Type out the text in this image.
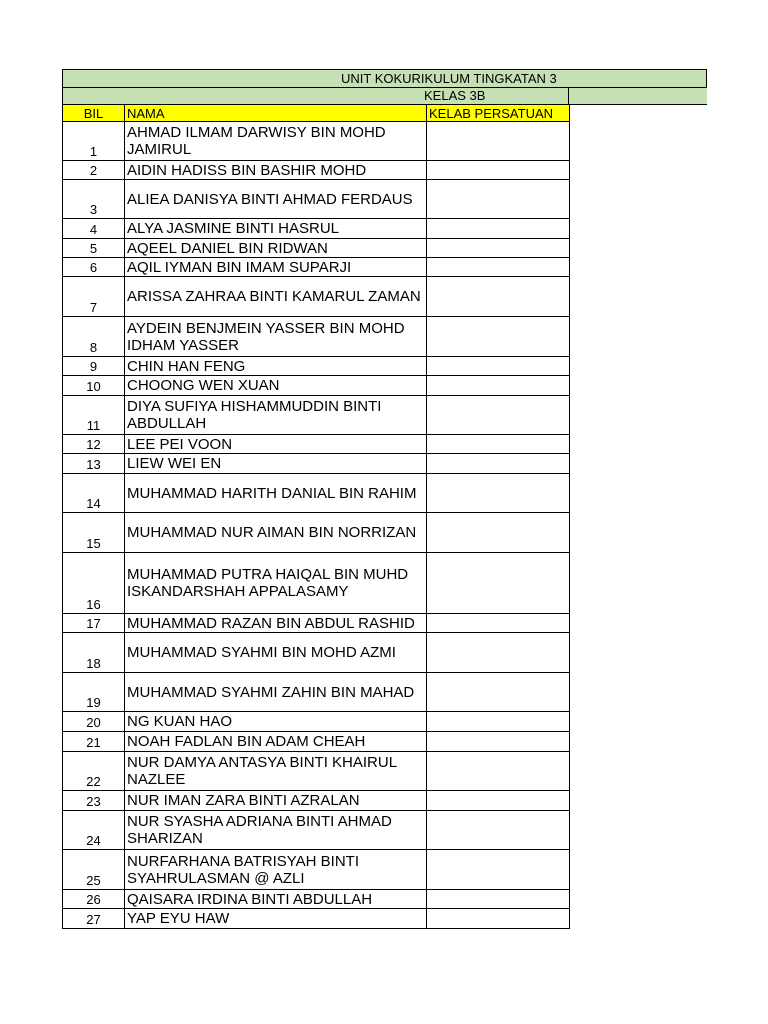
UNIT KOKURIKULUM TINGKATAN 3
KELAS 3B
BIL	NAMA	KELAB PERSATUAN
1	AHMAD ILMAM DARWISY BIN MOHD JAMIRUL	
2	AIDIN HADISS BIN BASHIR MOHD	
3	ALIEA DANISYA BINTI AHMAD FERDAUS	
4	ALYA JASMINE BINTI HASRUL	
5	AQEEL DANIEL BIN RIDWAN	
6	AQIL IYMAN BIN IMAM SUPARJI	
7	ARISSA ZAHRAA BINTI KAMARUL ZAMAN	
8	AYDEIN BENJMEIN YASSER BIN MOHD IDHAM YASSER	
9	CHIN HAN FENG	
10	CHOONG WEN XUAN	
11	DIYA SUFIYA HISHAMMUDDIN BINTI ABDULLAH	
12	LEE PEI VOON	
13	LIEW WEI EN	
14	MUHAMMAD HARITH DANIAL BIN RAHIM	
15	MUHAMMAD NUR AIMAN BIN NORRIZAN	
16	MUHAMMAD PUTRA HAIQAL BIN MUHD ISKANDARSHAH APPALASAMY	
17	MUHAMMAD RAZAN BIN ABDUL RASHID	
18	MUHAMMAD SYAHMI BIN MOHD AZMI	
19	MUHAMMAD SYAHMI ZAHIN BIN MAHAD	
20	NG KUAN HAO	
21	NOAH FADLAN BIN ADAM CHEAH	
22	NUR DAMYA ANTASYA BINTI KHAIRUL NAZLEE	
23	NUR IMAN ZARA BINTI AZRALAN	
24	NUR SYASHA ADRIANA BINTI AHMAD SHARIZAN	
25	NURFARHANA BATRISYAH BINTI SYAHRULASMAN @ AZLI	
26	QAISARA IRDINA BINTI ABDULLAH	
27	YAP EYU HAW	
